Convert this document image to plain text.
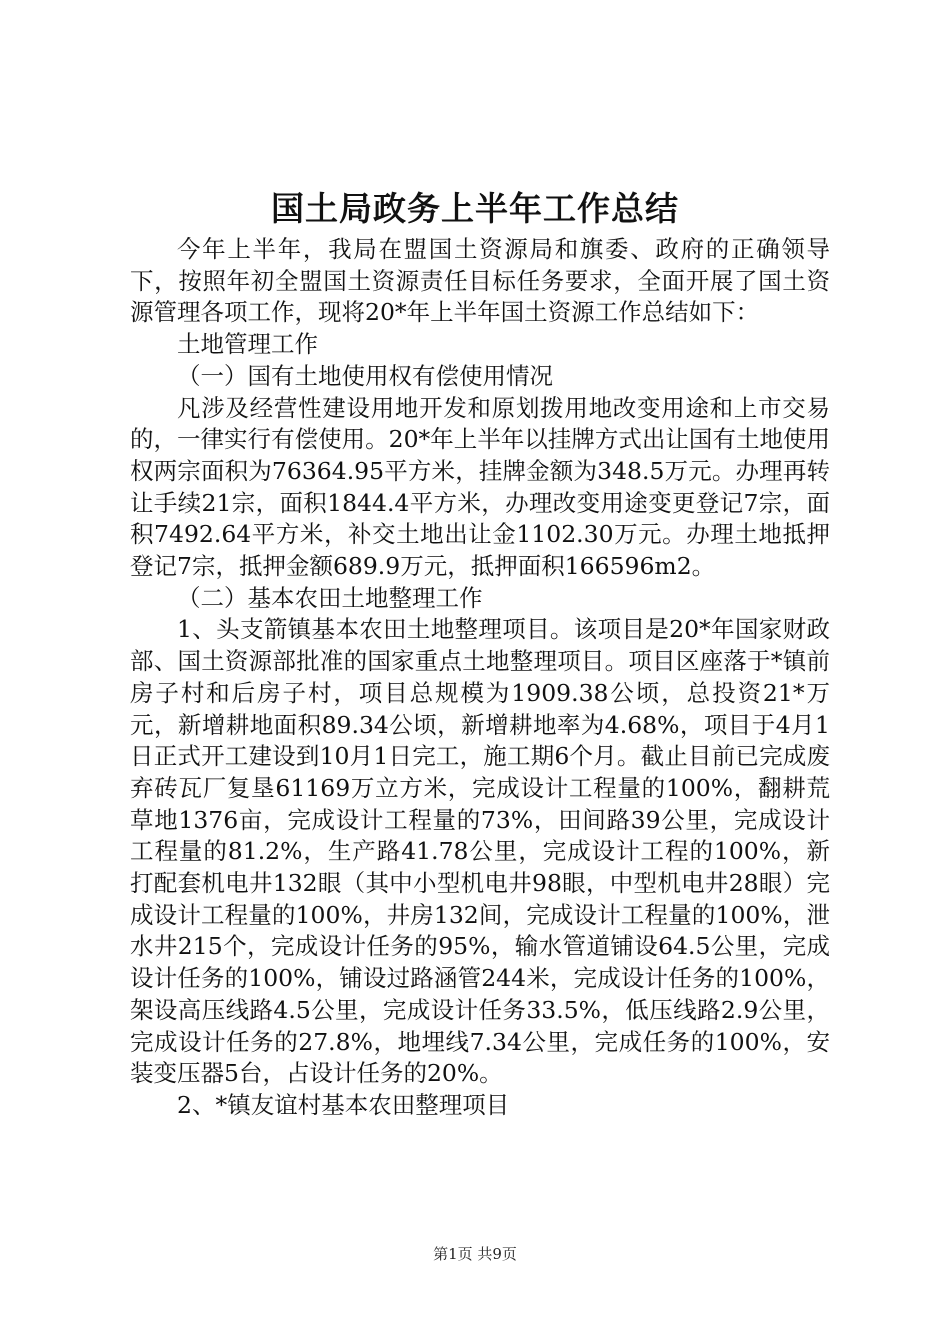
国土局政务上半年工作总结

今年上半年，我局在盟国土资源局和旗委、政府的正确领导下，按照年初全盟国土资源责任目标任务要求，全面开展了国土资源管理各项工作，现将20*年上半年国土资源工作总结如下：

土地管理工作

（一）国有土地使用权有偿使用情况

凡涉及经营性建设用地开发和原划拨用地改变用途和上市交易的，一律实行有偿使用。20*年上半年以挂牌方式出让国有土地使用权两宗面积为76364.95平方米，挂牌金额为348.5万元。办理再转让手续21宗，面积1844.4平方米，办理改变用途变更登记7宗，面积7492.64平方米，补交土地出让金1102.30万元。办理土地抵押登记7宗，抵押金额689.9万元，抵押面积166596m2。

（二）基本农田土地整理工作

1、头支箭镇基本农田土地整理项目。该项目是20*年国家财政部、国土资源部批准的国家重点土地整理项目。项目区座落于*镇前房子村和后房子村，项目总规模为1909.38公顷，总投资21*万元，新增耕地面积89.34公顷，新增耕地率为4.68%，项目于4月1日正式开工建设到10月1日完工，施工期6个月。截止目前已完成废弃砖瓦厂复垦61169万立方米，完成设计工程量的100%，翻耕荒草地1376亩，完成设计工程量的73%，田间路39公里，完成设计工程量的81.2%，生产路41.78公里，完成设计工程的100%，新打配套机电井132眼（其中小型机电井98眼，中型机电井28眼）完成设计工程量的100%，井房132间，完成设计工程量的100%，泄水井215个，完成设计任务的95%，输水管道铺设64.5公里，完成设计任务的100%，铺设过路涵管244米，完成设计任务的100%，架设高压线路4.5公里，完成设计任务33.5%，低压线路2.9公里，完成设计任务的27.8%，地埋线7.34公里，完成任务的100%，安装变压器5台，占设计任务的20%。

2、*镇友谊村基本农田整理项目

第1页 共9页
